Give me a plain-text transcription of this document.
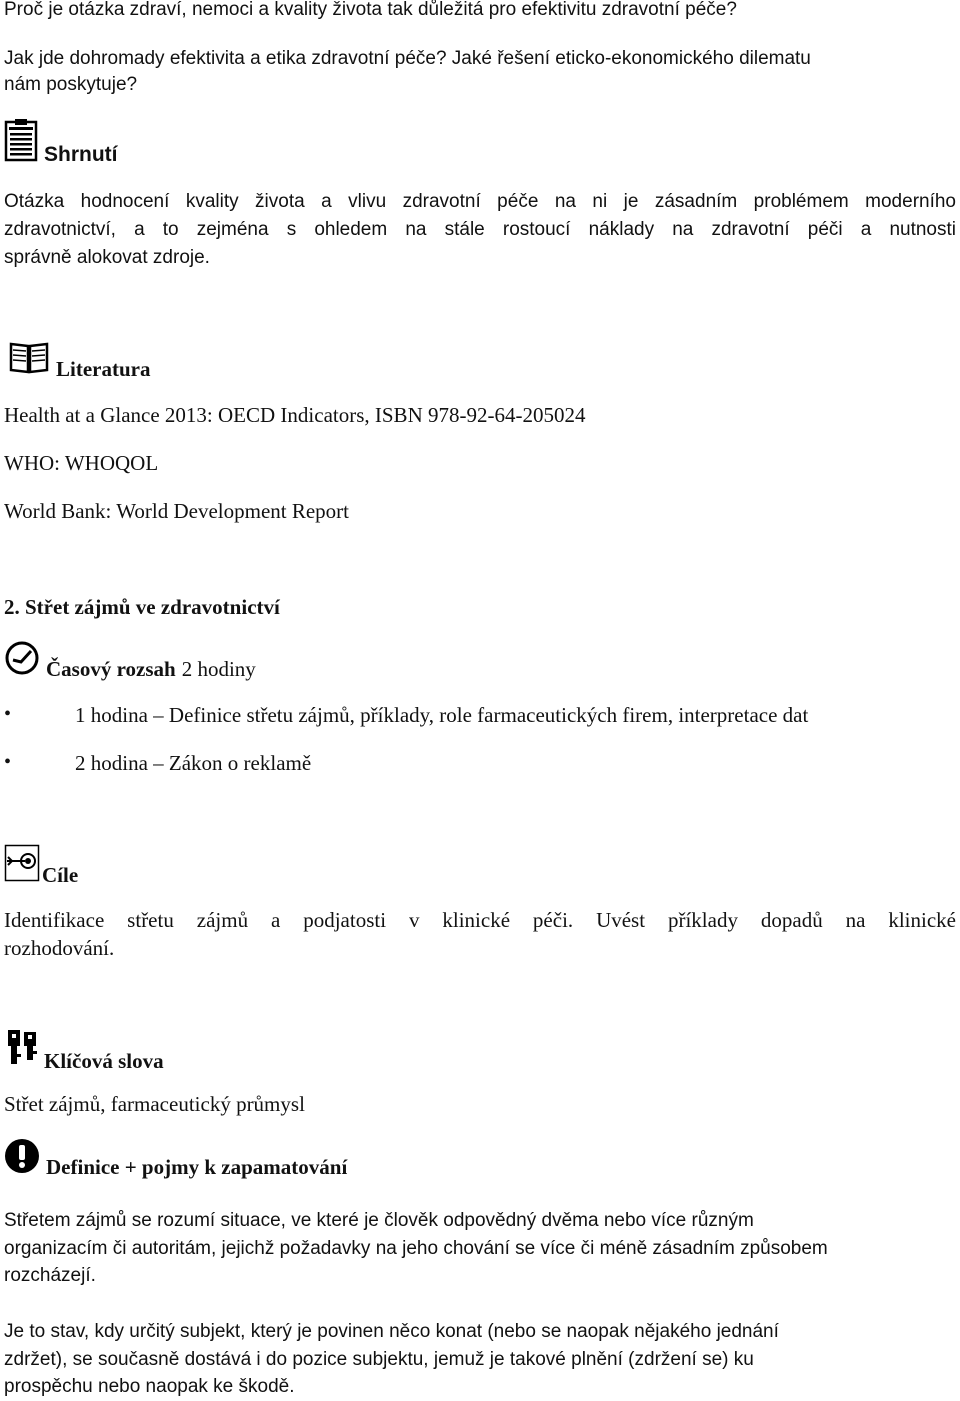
Proč je otázka zdraví, nemoci a kvality života tak důležitá pro efektivitu zdravotní péče?
Jak jde dohromady efektivita a etika zdravotní péče? Jaké řešení eticko-ekonomického dilematu
nám poskytuje?
Shrnutí
Otázka hodnocení kvality života a vlivu zdravotní péče na ni je zásadním problémem moderního
zdravotnictví, a to zejména s ohledem na stále rostoucí náklady na zdravotní péči a nutnosti
správně alokovat zdroje.
Literatura
Health at a Glance 2013: OECD Indicators, ISBN 978-92-64-205024
WHO: WHOQOL
World Bank: World Development Report
2. Střet zájmů ve zdravotnictví
Časový rozsah 2 hodiny
•	1 hodina – Definice střetu zájmů, příklady, role farmaceutických firem, interpretace dat
•	2 hodina – Zákon o reklamě
Cíle
Identifikace střetu zájmů a podjatosti v klinické péči. Uvést příklady dopadů na klinické
rozhodování.
Klíčová slova
Střet zájmů, farmaceutický průmysl
Definice + pojmy k zapamatování
Střetem zájmů se rozumí situace, ve které je člověk odpovědný dvěma nebo více různým
organizacím či autoritám, jejichž požadavky na jeho chování se více či méně zásadním způsobem
rozcházejí.
Je to stav, kdy určitý subjekt, který je povinen něco konat (nebo se naopak nějakého jednání
zdržet), se současně dostává i do pozice subjektu, jemuž je takové plnění (zdržení se) ku
prospěchu nebo naopak ke škodě.
